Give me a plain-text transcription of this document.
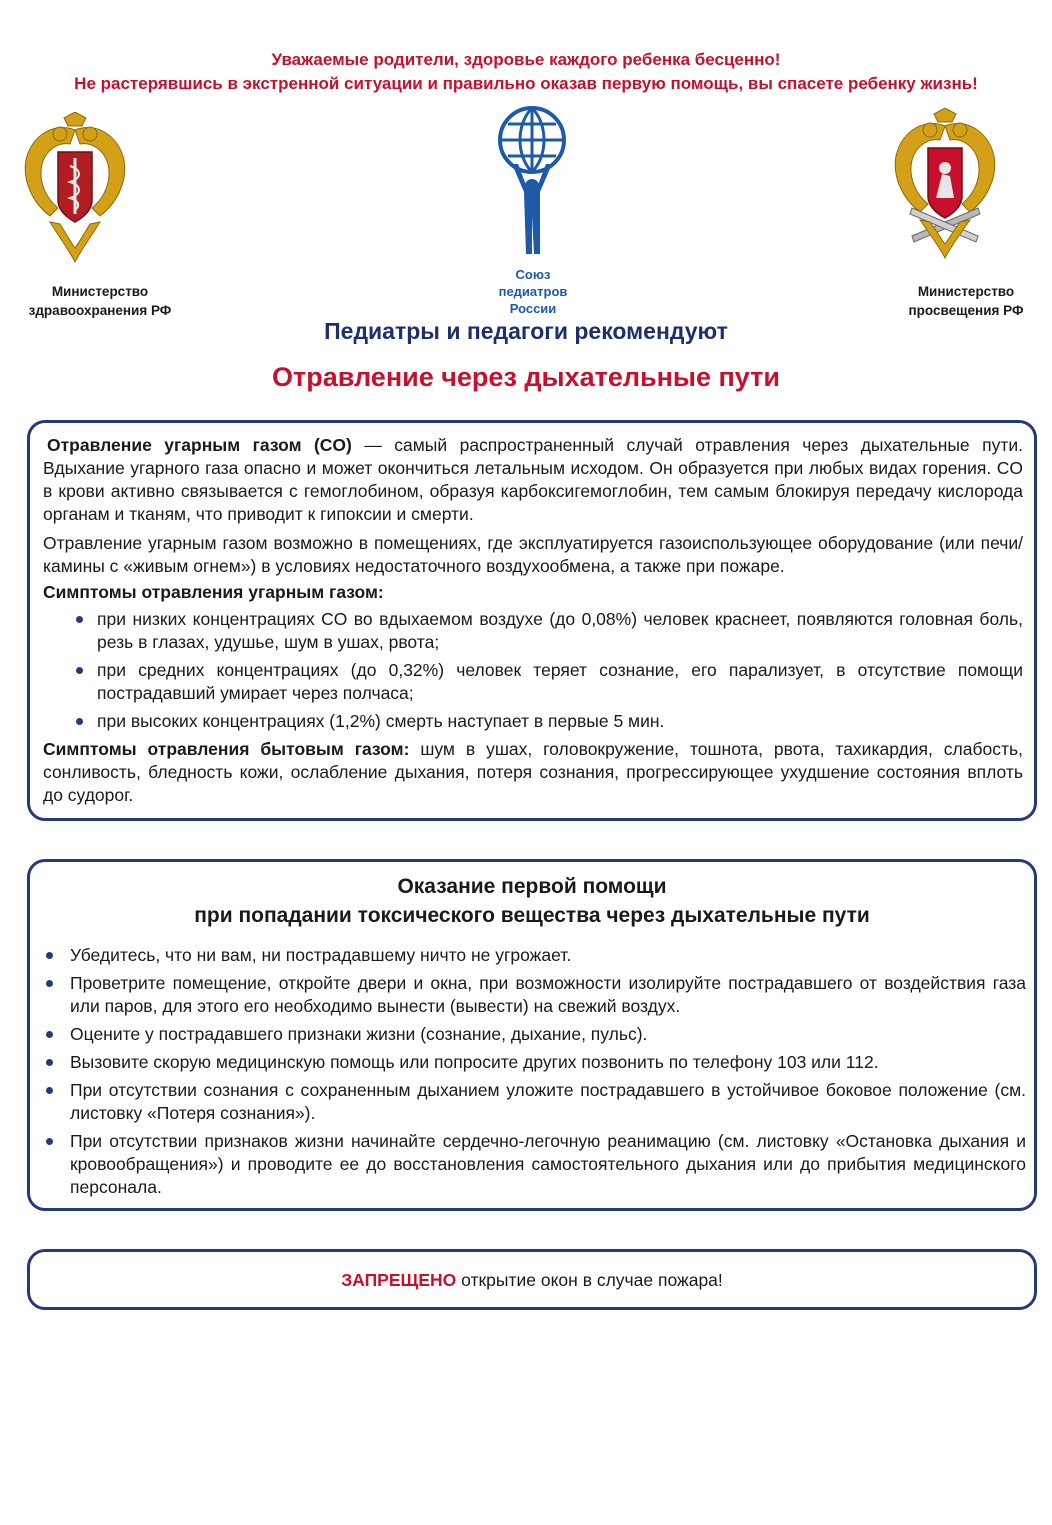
Уважаемые родители, здоровье каждого ребенка бесценно!
Не растерявшись в экстренной ситуации и правильно оказав первую помощь, вы спасете ребенку жизнь!
Министерство
здравоохранения РФ
Союз
педиатров
России
Министерство
просвещения РФ
Педиатры и педагоги рекомендуют
Отравление через дыхательные пути

Отравление угарным газом (CO) — самый распространенный случай отравления через дыхательные пути. Вдыхание угарного газа опасно и может окончиться летальным исходом. Он образуется при любых видах горения. CO в крови активно связывается с гемоглобином, образуя карбоксигемоглобин, тем самым блокируя передачу кислорода органам и тканям, что приводит к гипоксии и смерти.

Отравление угарным газом возможно в помещениях, где эксплуатируется газоиспользующее оборудование (или печи/камины с «живым огнем») в условиях недостаточного воздухообмена, а также при пожаре.

Симптомы отравления угарным газом:

при низких концентрациях CO во вдыхаемом воздухе (до 0,08%) человек краснеет, появляются головная боль, резь в глазах, удушье, шум в ушах, рвота;
при средних концентрациях (до 0,32%) человек теряет сознание, его парализует, в отсутствие помощи пострадавший умирает через полчаса;
при высоких концентрациях (1,2%) смерть наступает в первые 5 мин.

Симптомы отравления бытовым газом: шум в ушах, головокружение, тошнота, рвота, тахикардия, слабость, сонливость, бледность кожи, ослабление дыхания, потеря сознания, прогрессирующее ухудшение состояния вплоть до судорог.

Оказание первой помощи
при попадании токсического вещества через дыхательные пути
Убедитесь, что ни вам, ни пострадавшему ничто не угрожает.
Проветрите помещение, откройте двери и окна, при возможности изолируйте пострадавшего от воздействия газа или паров, для этого его необходимо вынести (вывести) на свежий воздух.
Оцените у пострадавшего признаки жизни (сознание, дыхание, пульс).
Вызовите скорую медицинскую помощь или попросите других позвонить по телефону 103 или 112.
При отсутствии сознания с сохраненным дыханием уложите пострадавшего в устойчивое боковое положение (см. листовку «Потеря сознания»).
При отсутствии признаков жизни начинайте сердечно-легочную реанимацию (см. листовку «Остановка дыхания и кровообращения») и проводите ее до восстановления самостоятельного дыхания или до прибытия медицинского персонала.
ЗАПРЕЩЕНО открытие окон в случае пожара!
